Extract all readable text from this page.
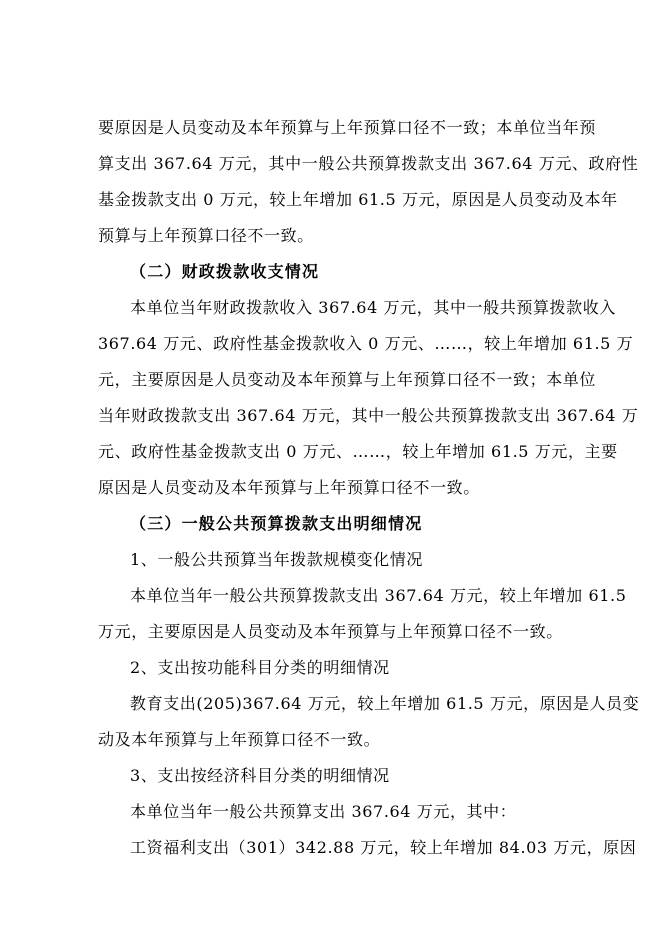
要原因是人员变动及本年预算与上年预算口径不一致；本单位当年预
算支出 367.64 万元，其中一般公共预算拨款支出 367.64 万元、政府性
基金拨款支出 0 万元，较上年增加 61.5 万元，原因是人员变动及本年
预算与上年预算口径不一致。
（二）财政拨款收支情况
本单位当年财政拨款收入 367.64 万元，其中一般共预算拨款收入
367.64 万元、政府性基金拨款收入 0 万元、……，较上年增加 61.5 万
元，主要原因是人员变动及本年预算与上年预算口径不一致；本单位
当年财政拨款支出 367.64 万元，其中一般公共预算拨款支出 367.64 万
元、政府性基金拨款支出 0 万元、……，较上年增加 61.5 万元，主要
原因是人员变动及本年预算与上年预算口径不一致。
（三）一般公共预算拨款支出明细情况
1、一般公共预算当年拨款规模变化情况
本单位当年一般公共预算拨款支出 367.64 万元，较上年增加 61.5
万元，主要原因是人员变动及本年预算与上年预算口径不一致。
2、支出按功能科目分类的明细情况
教育支出(205)367.64 万元，较上年增加 61.5 万元，原因是人员变
动及本年预算与上年预算口径不一致。
3、支出按经济科目分类的明细情况
本单位当年一般公共预算支出 367.64 万元，其中：
工资福利支出（301）342.88 万元，较上年增加 84.03 万元，原因
